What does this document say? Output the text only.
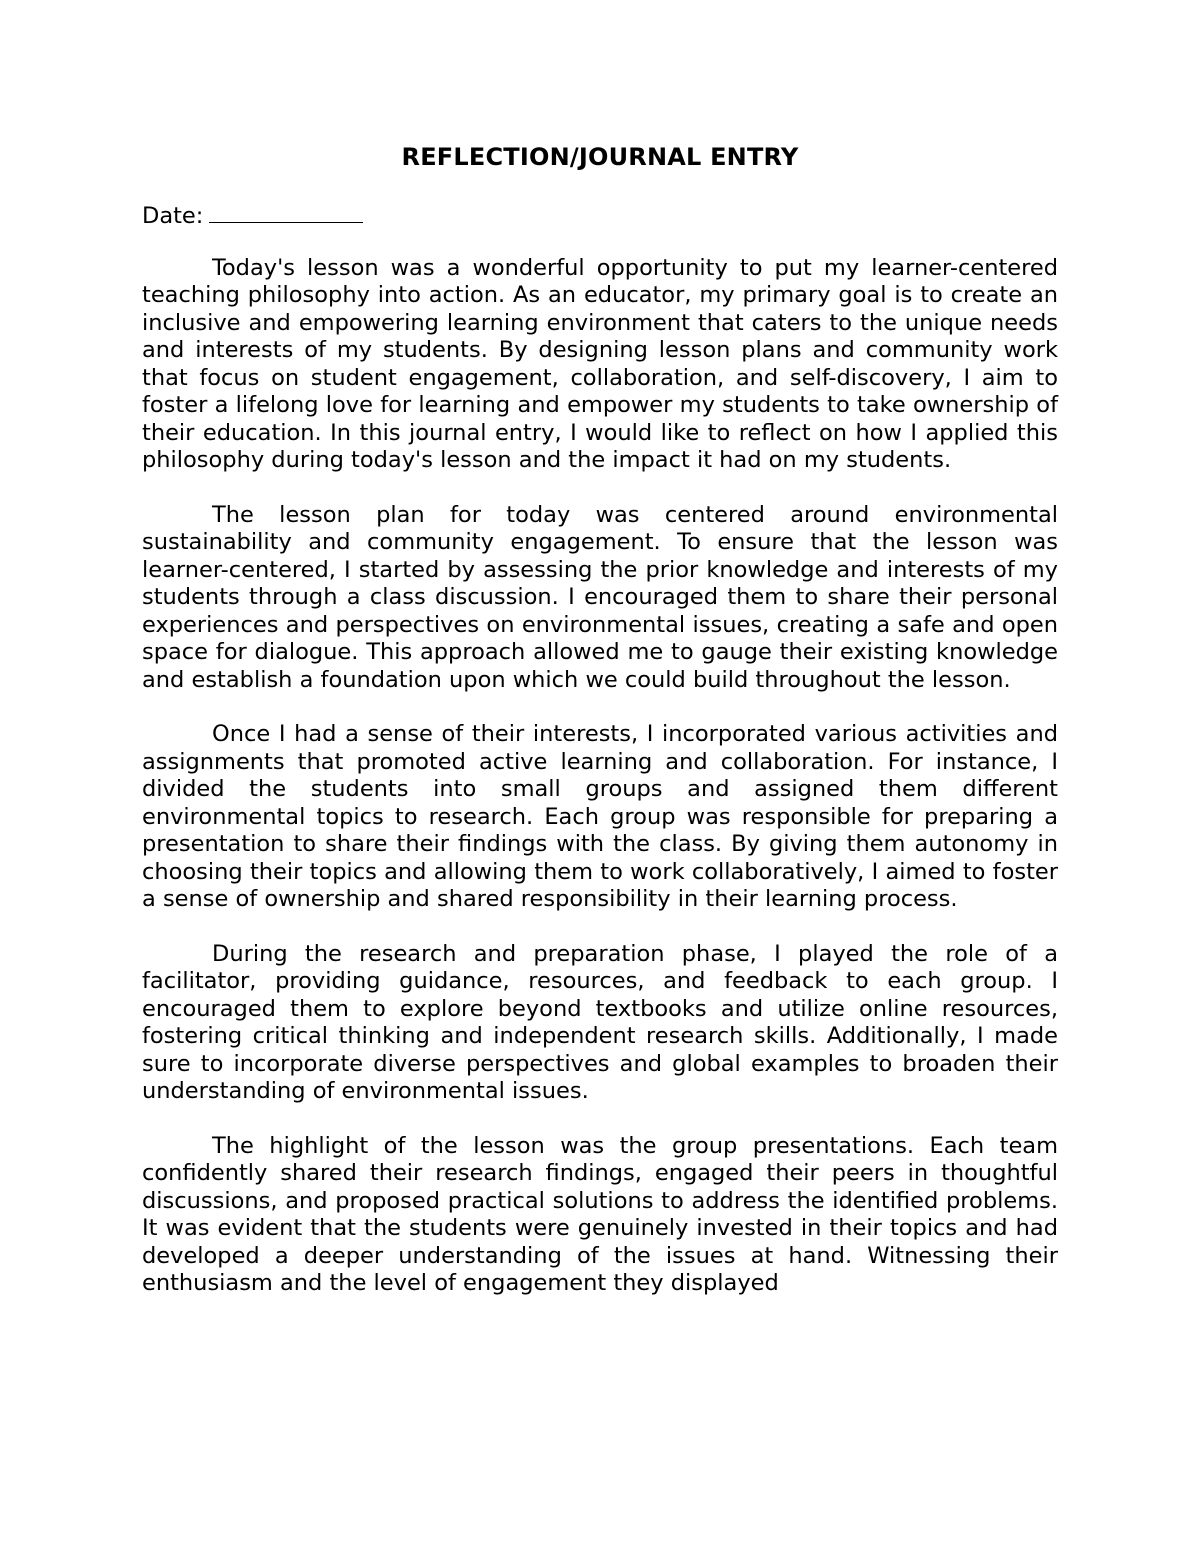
REFLECTION/JOURNAL ENTRY
Date:

Today's lesson was a wonderful opportunity to put my learner-centered teaching philosophy into action. As an educator, my primary goal is to create an inclusive and empowering learning environment that caters to the unique needs and interests of my students. By designing lesson plans and community work that focus on student engagement, collaboration, and self-discovery, I aim to foster a lifelong love for learning and empower my students to take ownership of their education. In this journal entry, I would like to reflect on how I applied this philosophy during today's lesson and the impact it had on my students.

The lesson plan for today was centered around environmental sustainability and community engagement. To ensure that the lesson was learner-centered, I started by assessing the prior knowledge and interests of my students through a class discussion. I encouraged them to share their personal experiences and perspectives on environmental issues, creating a safe and open space for dialogue. This approach allowed me to gauge their existing knowledge and establish a foundation upon which we could build throughout the lesson.

Once I had a sense of their interests, I incorporated various activities and assignments that promoted active learning and collaboration. For instance, I divided the students into small groups and assigned them different environmental topics to research. Each group was responsible for preparing a presentation to share their findings with the class. By giving them autonomy in choosing their topics and allowing them to work collaboratively, I aimed to foster a sense of ownership and shared responsibility in their learning process.

During the research and preparation phase, I played the role of a facilitator, providing guidance, resources, and feedback to each group. I encouraged them to explore beyond textbooks and utilize online resources, fostering critical thinking and independent research skills. Additionally, I made sure to incorporate diverse perspectives and global examples to broaden their understanding of environmental issues.

The highlight of the lesson was the group presentations. Each team confidently shared their research findings, engaged their peers in thoughtful discussions, and proposed practical solutions to address the identified problems. It was evident that the students were genuinely invested in their topics and had developed a deeper understanding of the issues at hand. Witnessing their enthusiasm and the level of engagement they displayed
